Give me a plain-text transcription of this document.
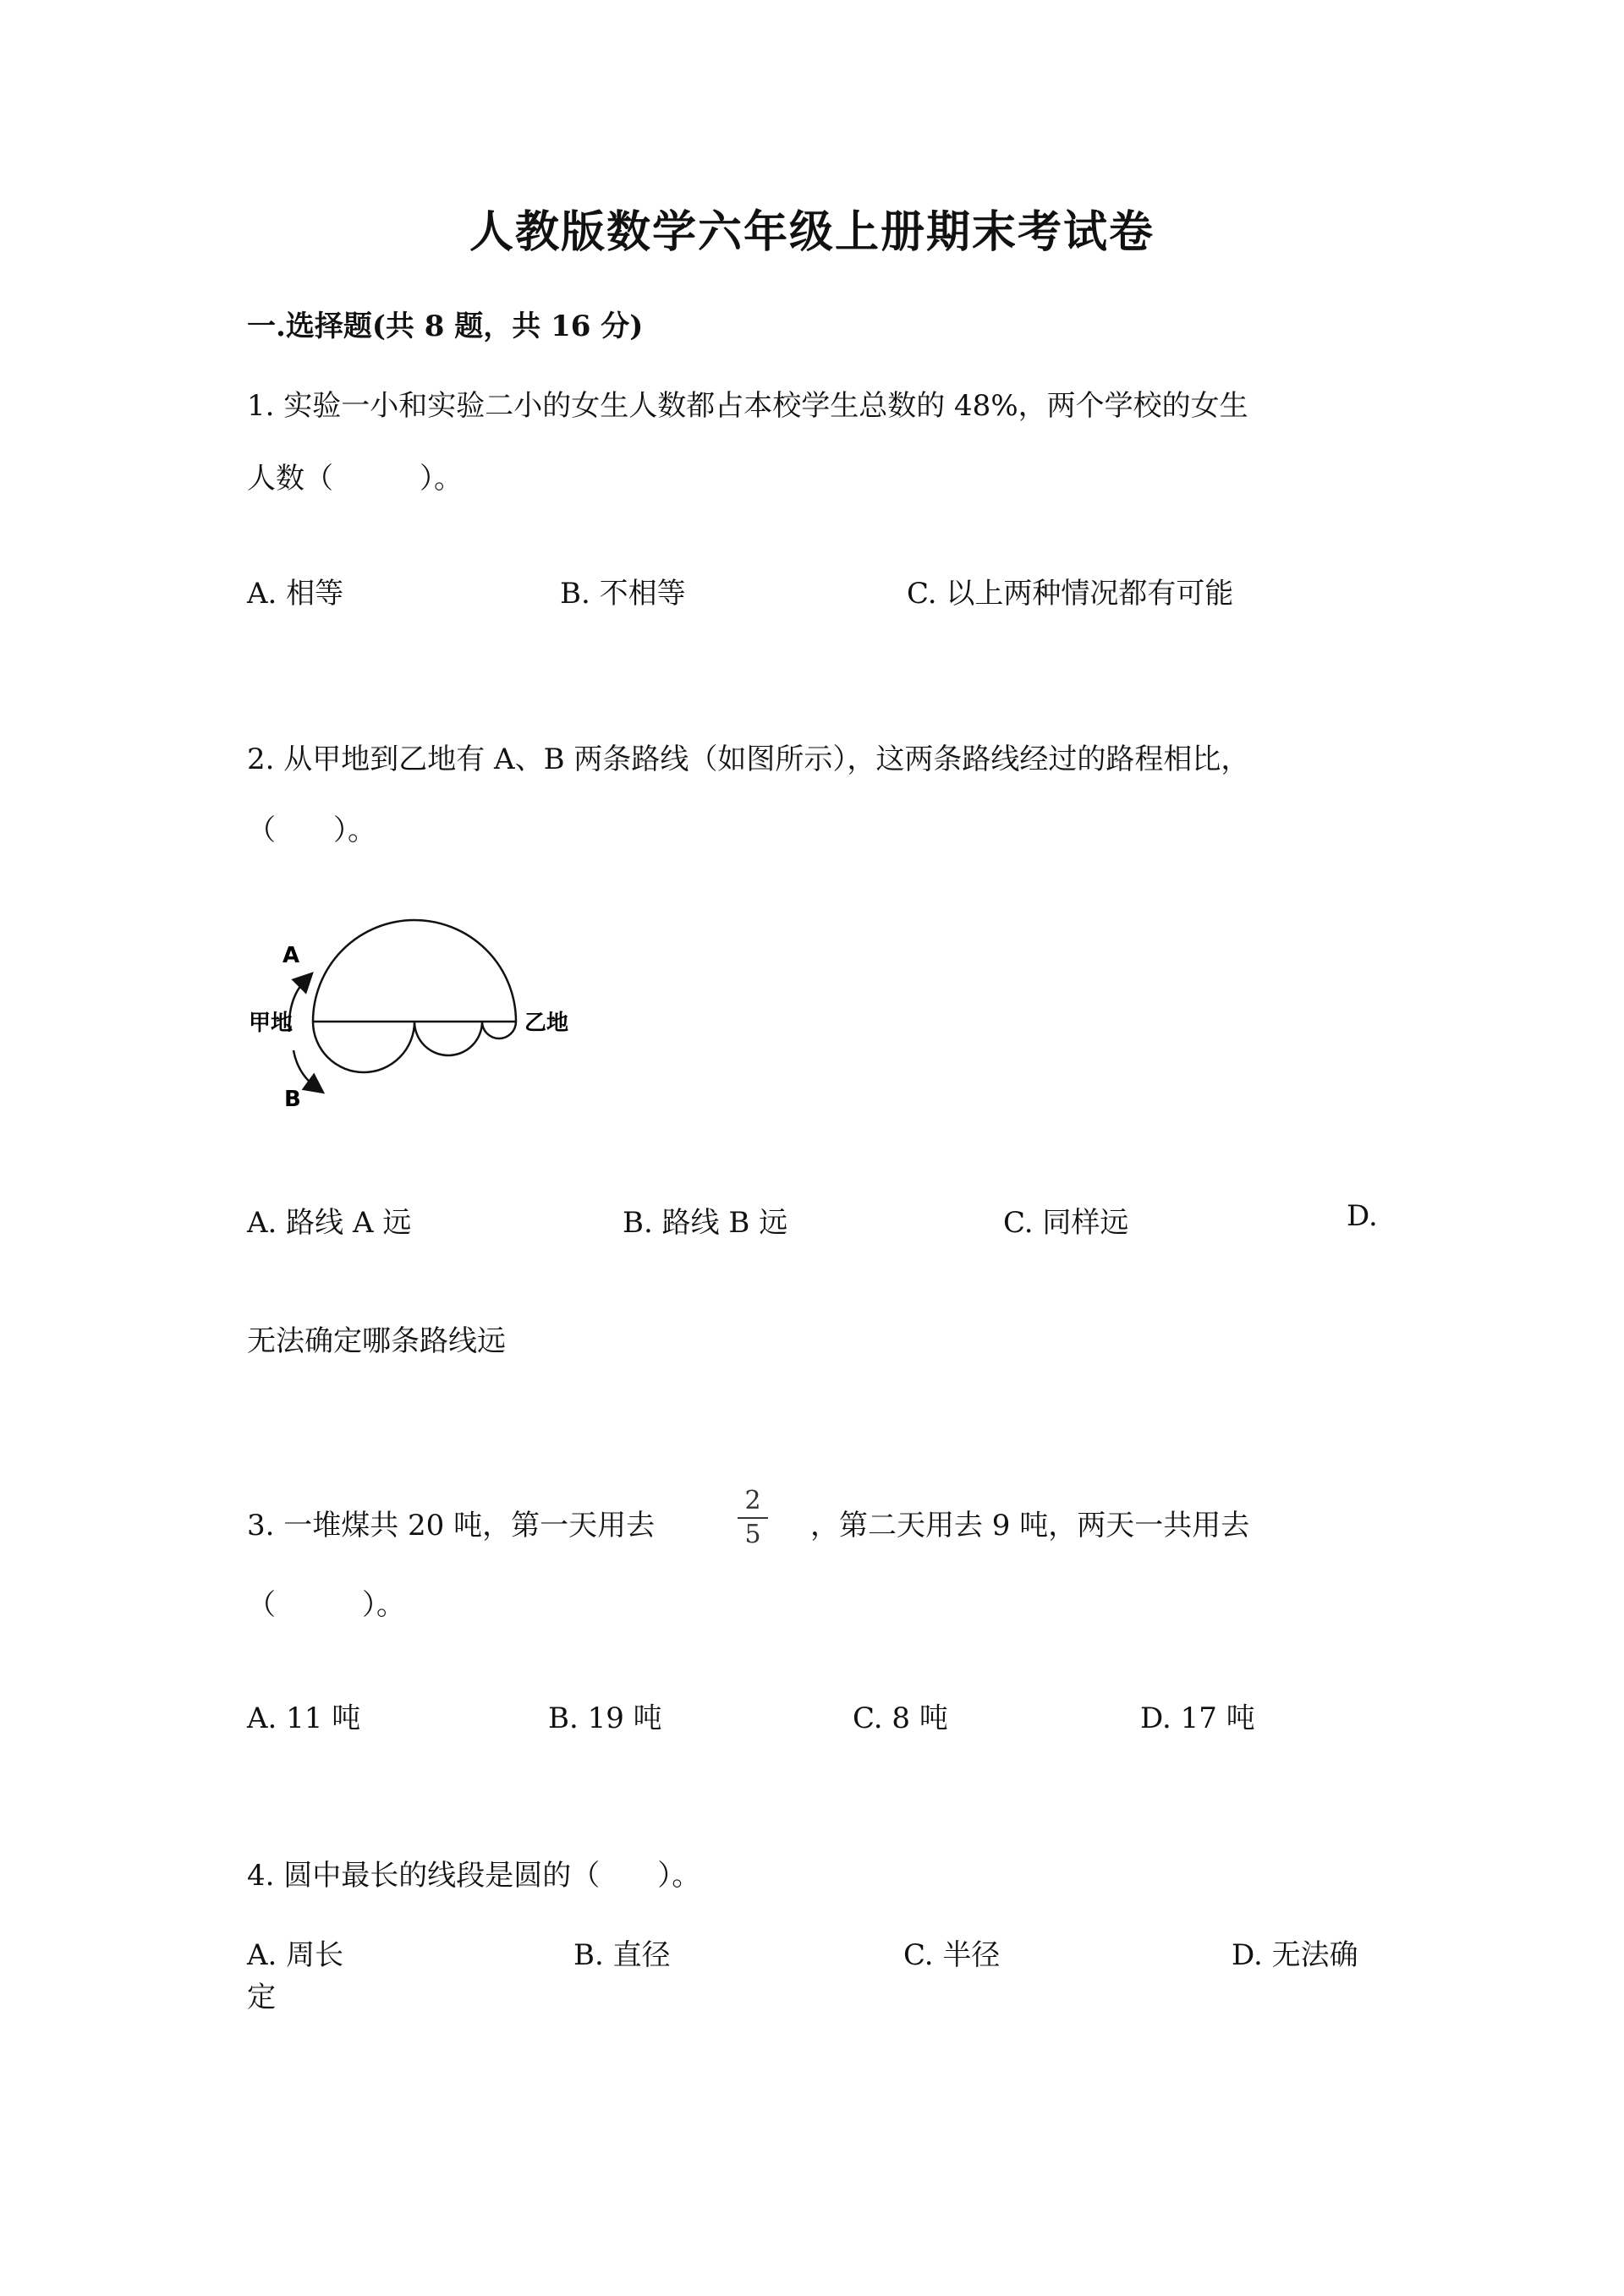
人教版数学六年级上册期末考试卷
一.选择题(共 8 题，共 16 分)
1. 实验一小和实验二小的女生人数都占本校学生总数的 48%，两个学校的女生
人数（　　　）。
A. 相等	B. 不相等	C. 以上两种情况都有可能
2. 从甲地到乙地有 A、B 两条路线（如图所示），这两条路线经过的路程相比，
（　　）。
A
B
甲地	乙地
A. 路线 A 远	B. 路线 B 远	C. 同样远	D.
无法确定哪条路线远
3. 一堆煤共 20 吨，第一天用去	$\frac{2}{5}$ ，第二天用去 9 吨，两天一共用去
（　　　）。
A. 11 吨	B. 19 吨	C. 8 吨	D. 17 吨
4. 圆中最长的线段是圆的（　　）。
A. 周长	B. 直径	C. 半径	D. 无法确
定
